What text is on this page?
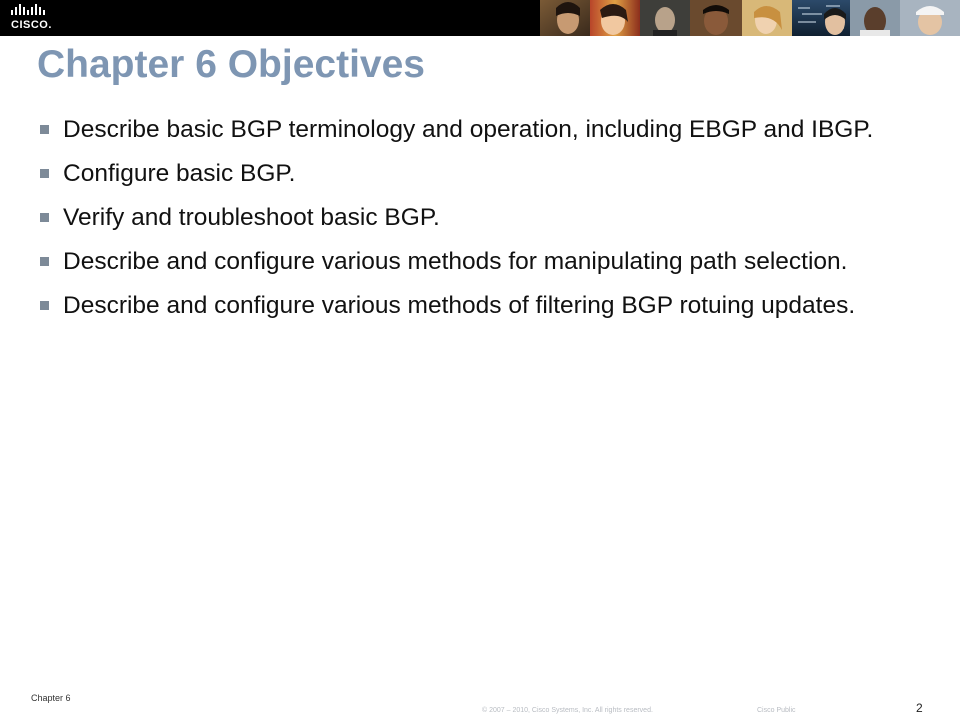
CISCO.
Chapter 6 Objectives
Describe basic BGP terminology and operation, including EBGP and IBGP.
Configure basic BGP.
Verify and troubleshoot basic BGP.
Describe and configure various methods for manipulating path selection.
Describe and configure various methods of filtering BGP rotuing updates.
Chapter 6
© 2007 – 2010, Cisco Systems, Inc. All rights reserved.	Cisco Public	2
